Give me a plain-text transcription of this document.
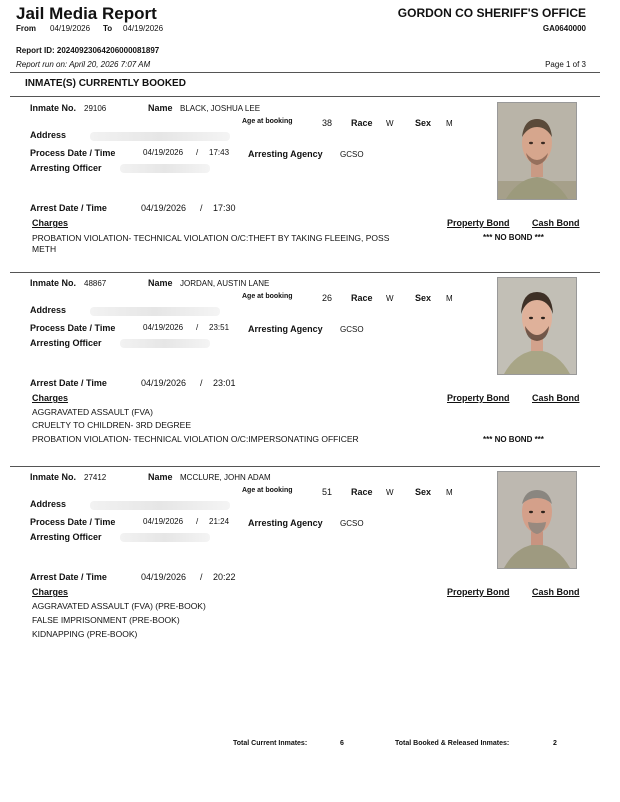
Jail Media Report
From 04/19/2026 To 04/19/2026
GORDON CO SHERIFF'S OFFICE
GA0640000
Report ID: 20240923064206000081897
Report run on: April 20, 2026 7:07 AM	Page 1 of 3
INMATE(S) CURRENTLY BOOKED
Inmate No. 29106	Name BLACK, JOSHUA LEE
Age at booking	38 Race W Sex M
Address
Process Date / Time	04/19/2026 / 17:43 Arresting Agency GCSO
Arresting Officer
Arrest Date / Time	04/19/2026 / 17:30
Charges	Property Bond Cash Bond
PROBATION VIOLATION- TECHNICAL VIOLATION O/C:THEFT BY TAKING FLEEING, POSS
METH
*** NO BOND ***
Inmate No. 48867	Name JORDAN, AUSTIN LANE
Age at booking	26 Race W Sex M
Address
Process Date / Time	04/19/2026 / 23:51 Arresting Agency GCSO
Arresting Officer
Arrest Date / Time	04/19/2026 / 23:01
Charges	Property Bond Cash Bond
AGGRAVATED ASSAULT (FVA)
CRUELTY TO CHILDREN- 3RD DEGREE
PROBATION VIOLATION- TECHNICAL VIOLATION O/C:IMPERSONATING OFFICER	*** NO BOND ***
Inmate No. 27412	Name MCCLURE, JOHN ADAM
Age at booking	51 Race W Sex M
Address
Process Date / Time	04/19/2026 / 21:24 Arresting Agency GCSO
Arresting Officer
Arrest Date / Time	04/19/2026 / 20:22
Charges	Property Bond Cash Bond
AGGRAVATED ASSAULT (FVA) (PRE-BOOK)
FALSE IMPRISONMENT (PRE-BOOK)
KIDNAPPING (PRE-BOOK)
Total Current Inmates:	6	Total Booked & Released Inmates:	2
